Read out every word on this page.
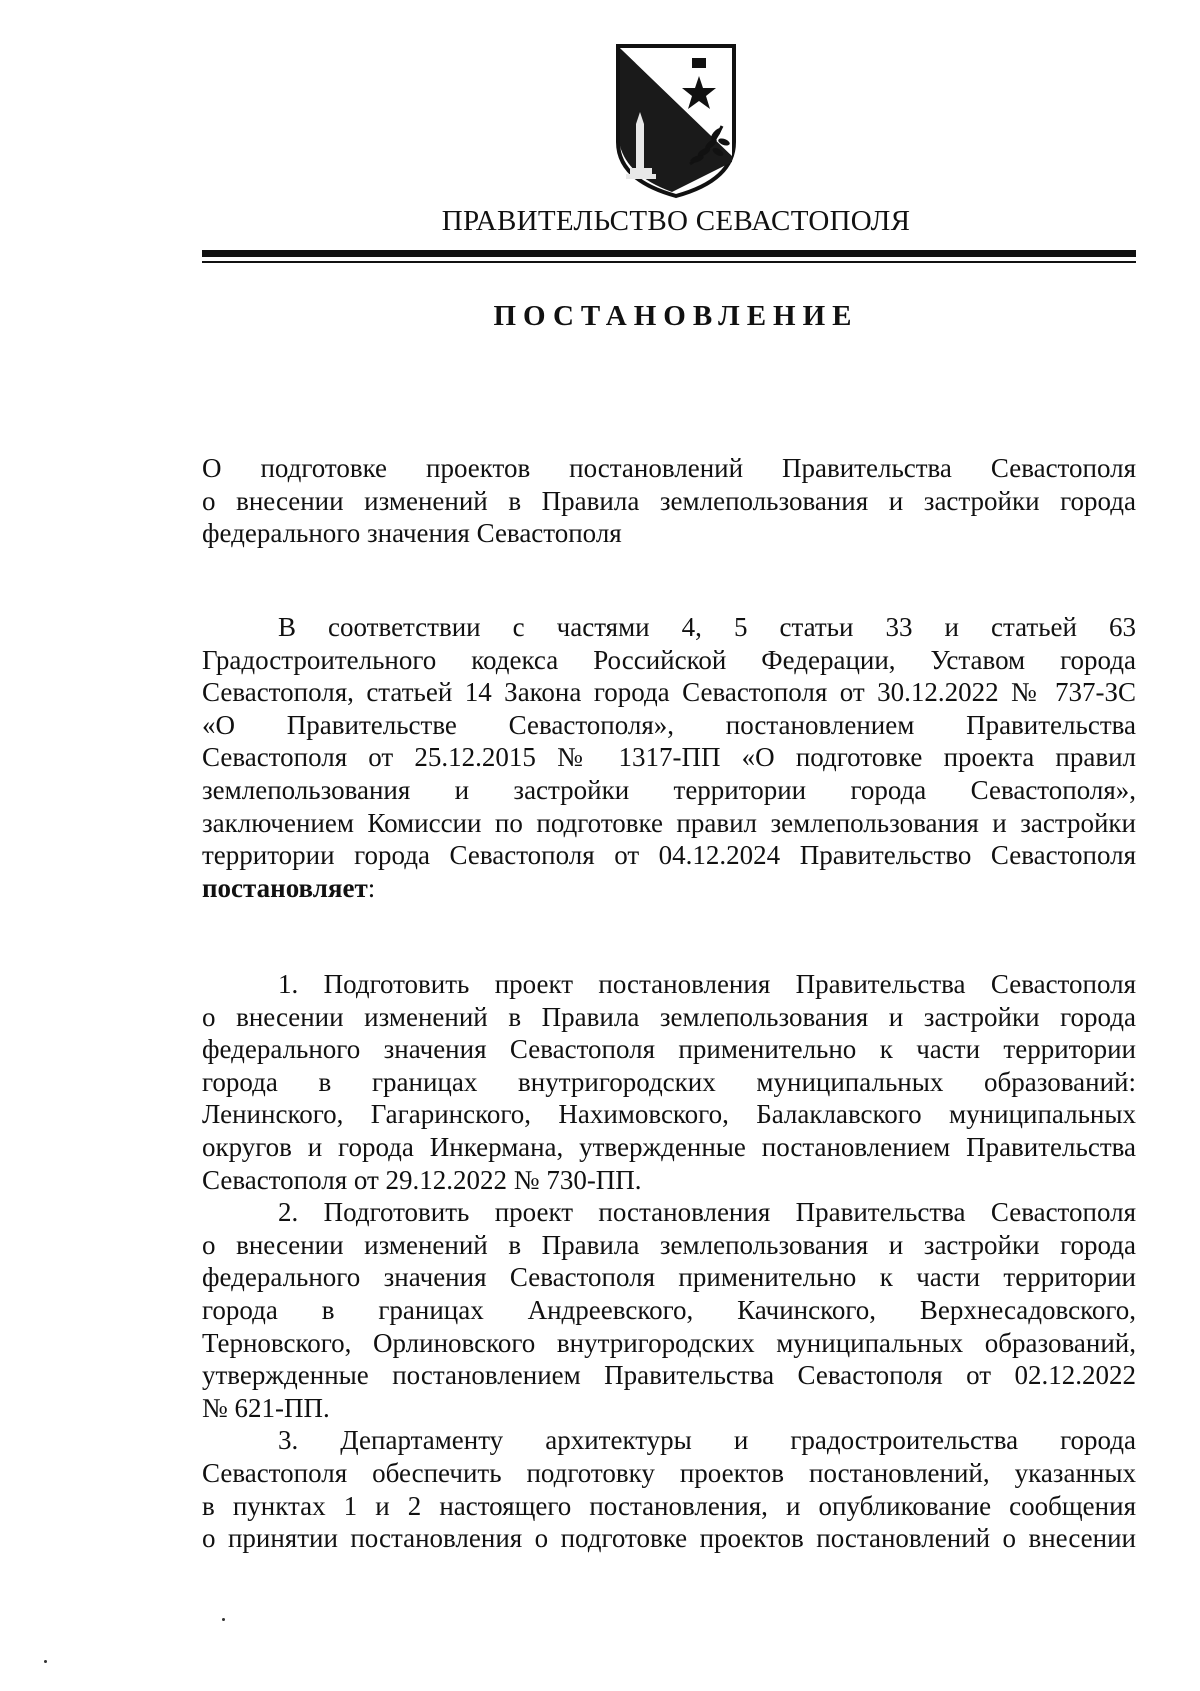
ПРАВИТЕЛЬСТВО СЕВАСТОПОЛЯ
ПОСТАНОВЛЕНИЕ
О подготовке проектов постановлений Правительства Севастополя
о внесении изменений в Правила землепользования и застройки города
федерального значения Севастополя
В соответствии с частями 4, 5 статьи 33 и статьей 63
Градостроительного кодекса Российской Федерации, Уставом города
Севастополя, статьей 14 Закона города Севастополя от 30.12.2022 № 737-ЗС
«О Правительстве Севастополя», постановлением Правительства
Севастополя от 25.12.2015 № 1317-ПП «О подготовке проекта правил
землепользования и застройки территории города Севастополя»,
заключением Комиссии по подготовке правил землепользования и застройки
территории города Севастополя от 04.12.2024 Правительство Севастополя
постановляет:
1. Подготовить проект постановления Правительства Севастополя
о внесении изменений в Правила землепользования и застройки города
федерального значения Севастополя применительно к части территории
города в границах внутригородских муниципальных образований:
Ленинского, Гагаринского, Нахимовского, Балаклавского муниципальных
округов и города Инкермана, утвержденные постановлением Правительства
Севастополя от 29.12.2022 № 730-ПП.
2. Подготовить проект постановления Правительства Севастополя
о внесении изменений в Правила землепользования и застройки города
федерального значения Севастополя применительно к части территории
города в границах Андреевского, Качинского, Верхнесадовского,
Терновского, Орлиновского внутригородских муниципальных образований,
утвержденные постановлением Правительства Севастополя от 02.12.2022
№ 621-ПП.
3. Департаменту архитектуры и градостроительства города
Севастополя обеспечить подготовку проектов постановлений, указанных
в пунктах 1 и 2 настоящего постановления, и опубликование сообщения
о принятии постановления о подготовке проектов постановлений о внесении
